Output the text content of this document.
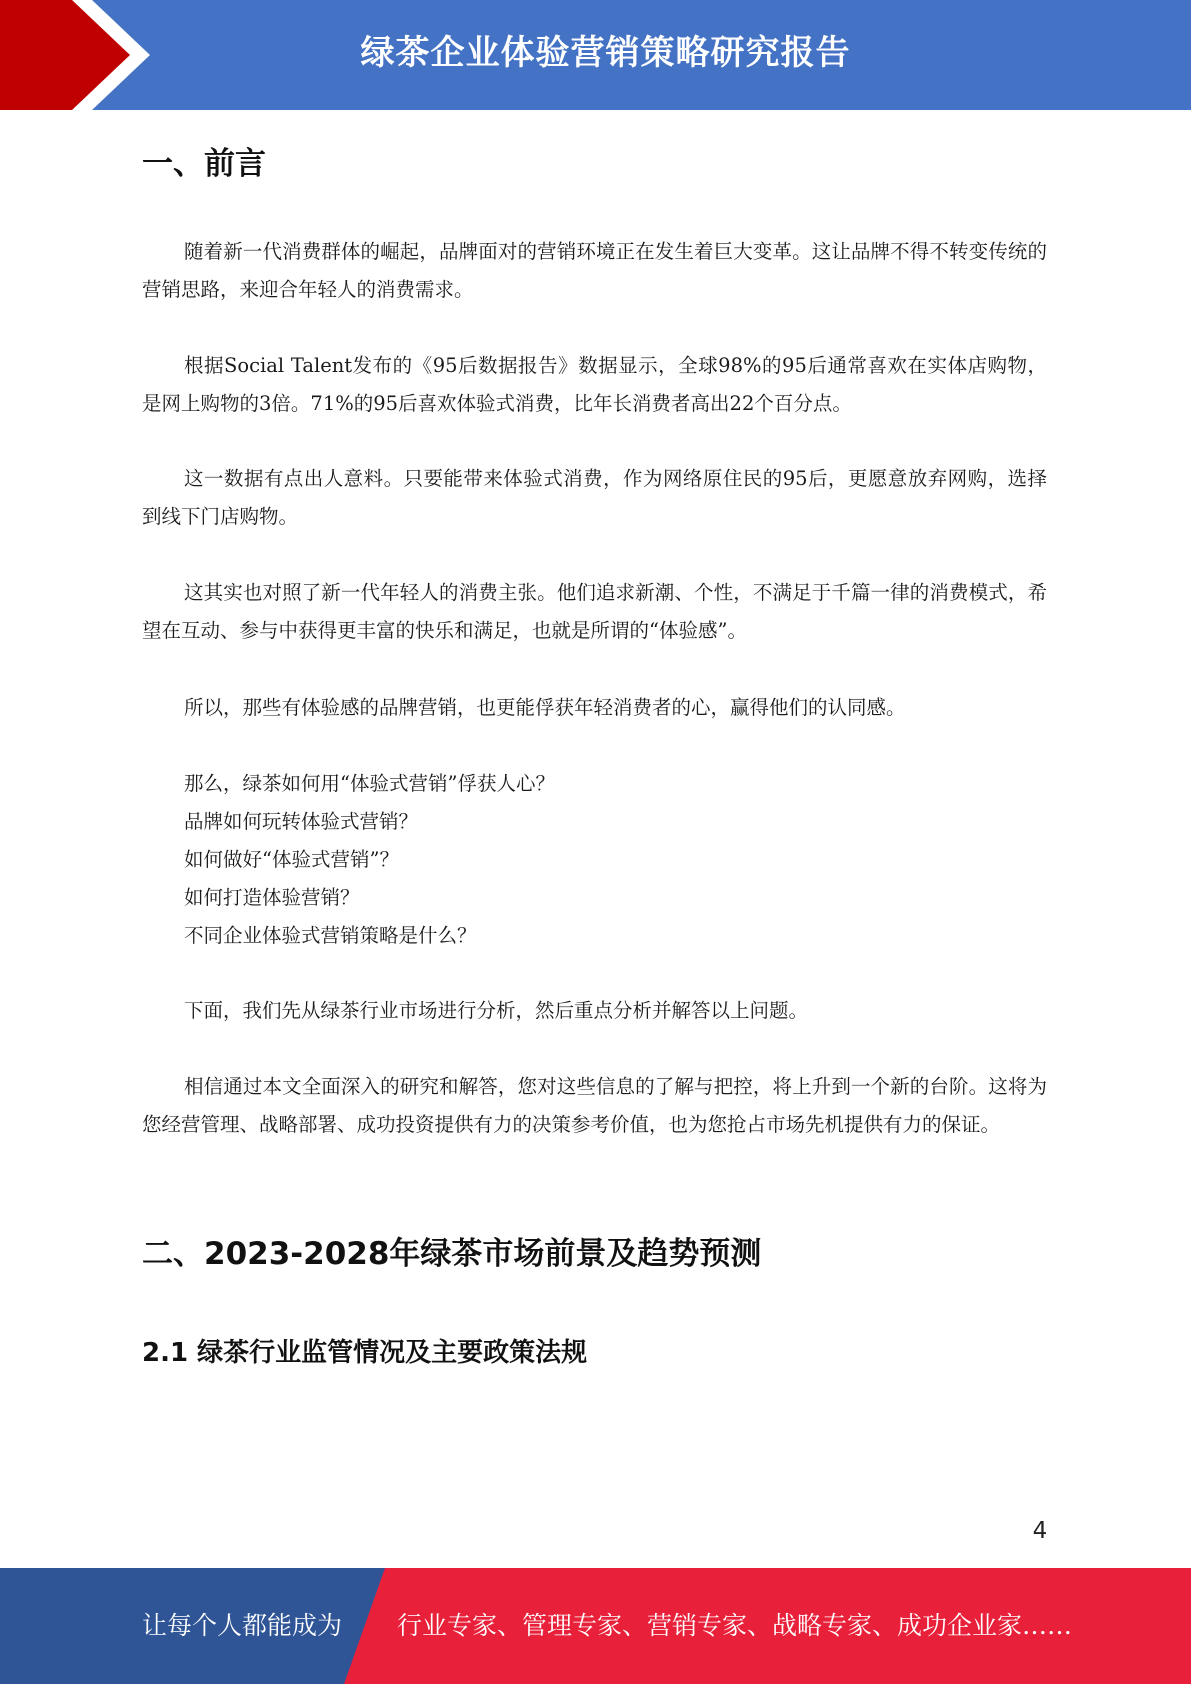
绿茶企业体验营销策略研究报告
一、前言

随着新一代消费群体的崛起，品牌面对的营销环境正在发生着巨大变革。这让品牌不得不转变传统的营销思路，来迎合年轻人的消费需求。

根据Social Talent发布的《95后数据报告》数据显示，全球98%的95后通常喜欢在实体店购物，是网上购物的3倍。71%的95后喜欢体验式消费，比年长消费者高出22个百分点。

这一数据有点出人意料。只要能带来体验式消费，作为网络原住民的95后，更愿意放弃网购，选择到线下门店购物。

这其实也对照了新一代年轻人的消费主张。他们追求新潮、个性，不满足于千篇一律的消费模式，希望在互动、参与中获得更丰富的快乐和满足，也就是所谓的“体验感”。

所以，那些有体验感的品牌营销，也更能俘获年轻消费者的心，赢得他们的认同感。

那么，绿茶如何用“体验式营销”俘获人心？
品牌如何玩转体验式营销？
如何做好“体验式营销”？
如何打造体验营销？
不同企业体验式营销策略是什么？

下面，我们先从绿茶行业市场进行分析，然后重点分析并解答以上问题。

相信通过本文全面深入的研究和解答，您对这些信息的了解与把控，将上升到一个新的台阶。这将为您经营管理、战略部署、成功投资提供有力的决策参考价值，也为您抢占市场先机提供有力的保证。

二、2023-2028年绿茶市场前景及趋势预测
2.1 绿茶行业监管情况及主要政策法规
4
让每个人都能成为 行业专家、管理专家、营销专家、战略专家、成功企业家……
